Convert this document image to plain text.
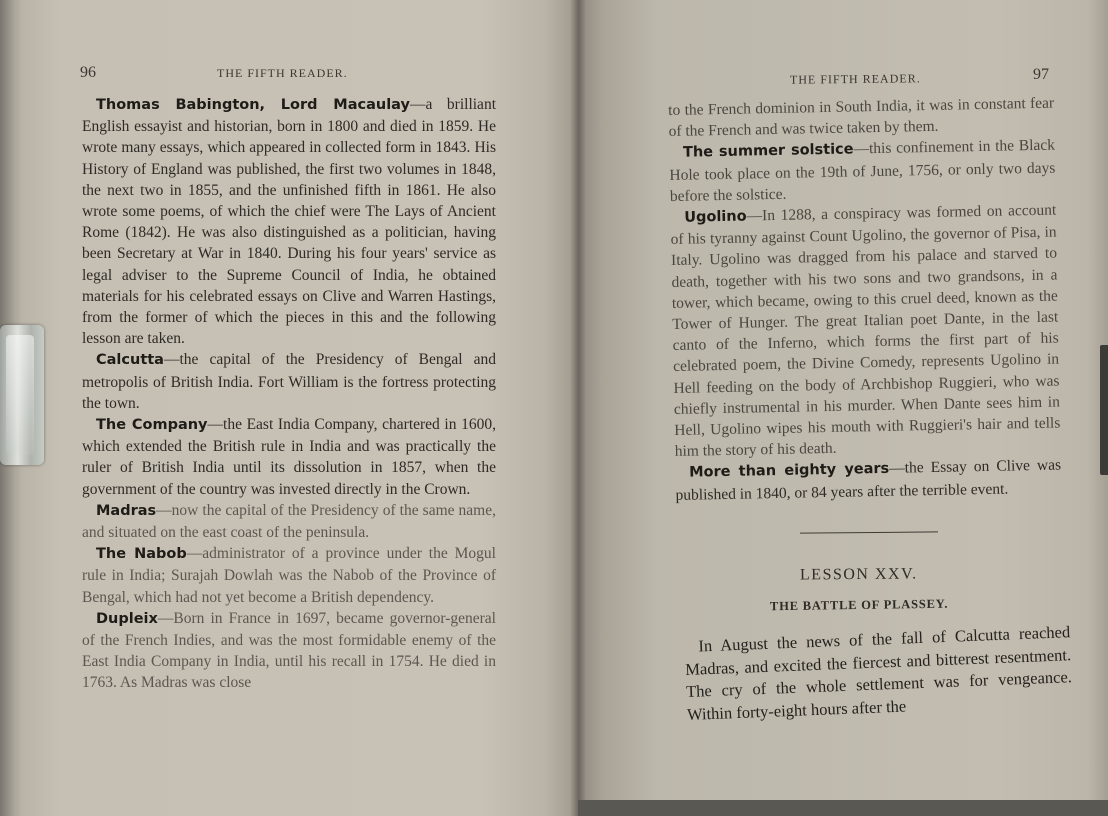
96	THE FIFTH READER.

Thomas Babington, Lord Macaulay—a brilliant English essayist and historian, born in 1800 and died in 1859. He wrote many essays, which appeared in collected form in 1843. His History of England was published, the first two volumes in 1848, the next two in 1855, and the unfinished fifth in 1861. He also wrote some poems, of which the chief were The Lays of Ancient Rome (1842). He was also distinguished as a politician, having been Secretary at War in 1840. During his four years' service as legal adviser to the Supreme Council of India, he obtained materials for his celebrated essays on Clive and Warren Hastings, from the former of which the pieces in this and the following lesson are taken.

Calcutta—the capital of the Presidency of Bengal and metropolis of British India. Fort William is the fortress protecting the town.

The Company—the East India Company, chartered in 1600, which extended the British rule in India and was practically the ruler of British India until its dissolution in 1857, when the government of the country was invested directly in the Crown.

Madras—now the capital of the Presidency of the same name, and situated on the east coast of the peninsula.

The Nabob—administrator of a province under the Mogul rule in India; Surajah Dowlah was the Nabob of the Province of Bengal, which had not yet become a British dependency.

Dupleix—Born in France in 1697, became governor-general of the French Indies, and was the most formidable enemy of the East India Company in India, until his recall in 1754. He died in 1763. As Madras was close

THE FIFTH READER.	97

to the French dominion in South India, it was in constant fear of the French and was twice taken by them.

The summer solstice—this confinement in the Black Hole took place on the 19th of June, 1756, or only two days before the solstice.

Ugolino—In 1288, a conspiracy was formed on account of his tyranny against Count Ugolino, the governor of Pisa, in Italy. Ugolino was dragged from his palace and starved to death, together with his two sons and two grandsons, in a tower, which became, owing to this cruel deed, known as the Tower of Hunger. The great Italian poet Dante, in the last canto of the Inferno, which forms the first part of his celebrated poem, the Divine Comedy, represents Ugolino in Hell feeding on the body of Archbishop Ruggieri, who was chiefly instrumental in his murder. When Dante sees him in Hell, Ugolino wipes his mouth with Ruggieri's hair and tells him the story of his death.

More than eighty years—the Essay on Clive was published in 1840, or 84 years after the terrible event.

LESSON XXV.
THE BATTLE OF PLASSEY.

In August the news of the fall of Calcutta reached Madras, and excited the fiercest and bitterest resentment. The cry of the whole settlement was for vengeance. Within forty-eight hours after the
